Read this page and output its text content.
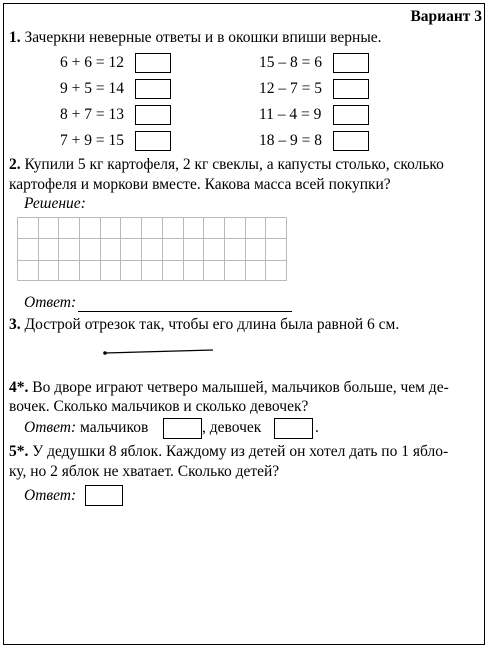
Вариант 3
1. Зачеркни неверные ответы и в окошки впиши верные.
6 + 6 = 12
9 + 5 = 14
8 + 7 = 13
7 + 9 = 15
15 – 8 = 6
12 – 7 = 5
11 – 4 = 9
18 – 9 = 8
2. Купили 5 кг картофеля, 2 кг свеклы, а капусты столько, сколько
картофеля и моркови вместе. Какова масса всей покупки?
Решение:
Ответ:
3. Дострой отрезок так, чтобы его длина была равной 6 см.
4*. Во дворе играют четверо малышей, мальчиков больше, чем де-
вочек. Сколько мальчиков и сколько девочек?
Ответ: мальчиков	, девочек	.
5*. У дедушки 8 яблок. Каждому из детей он хотел дать по 1 ябло-
ку, но 2 яблок не хватает. Сколько детей?
Ответ:
